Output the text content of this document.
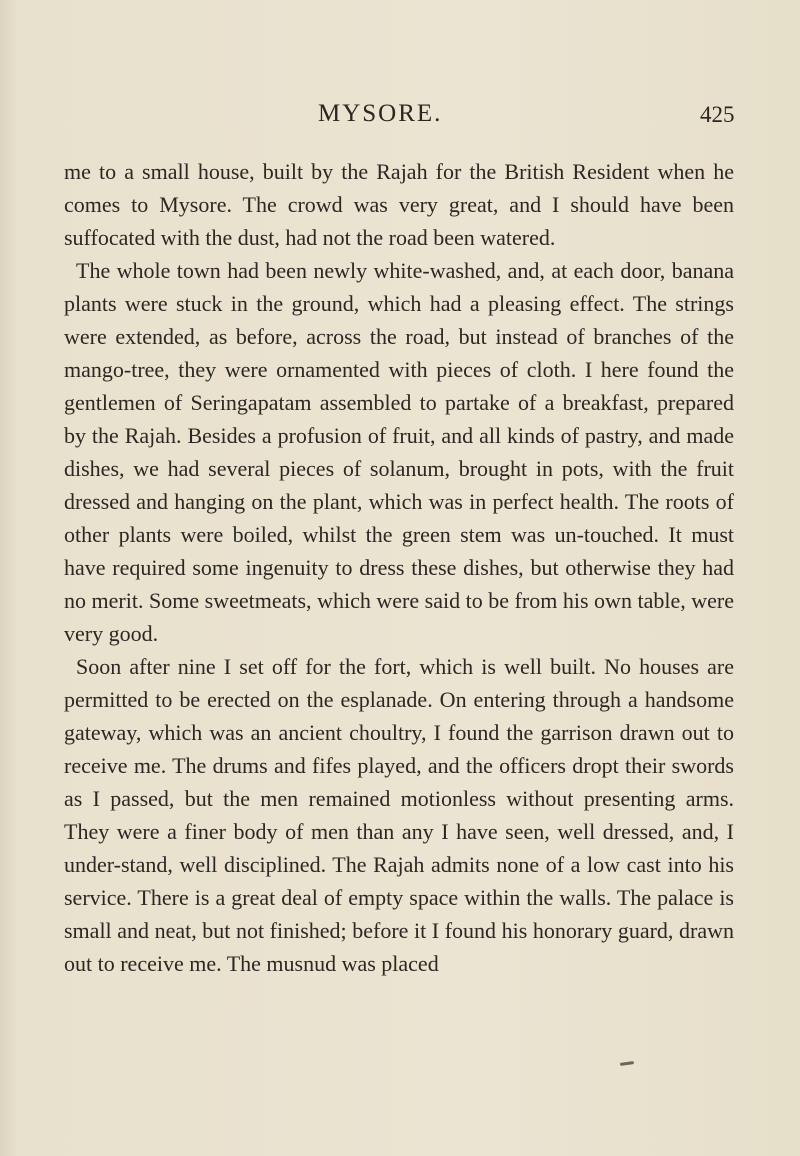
MYSORE.	425

me to a small house, built by the Rajah for the British Resident when he comes to Mysore. The crowd was very great, and I should have been suffocated with the dust, had not the road been watered.

The whole town had been newly white-washed, and, at each door, banana plants were stuck in the ground, which had a pleasing effect. The strings were extended, as before, across the road, but instead of branches of the mango-tree, they were ornamented with pieces of cloth. I here found the gentlemen of Seringapatam assembled to partake of a breakfast, prepared by the Rajah. Besides a profusion of fruit, and all kinds of pastry, and made dishes, we had several pieces of solanum, brought in pots, with the fruit dressed and hanging on the plant, which was in perfect health. The roots of other plants were boiled, whilst the green stem was un-touched. It must have required some ingenuity to dress these dishes, but otherwise they had no merit. Some sweetmeats, which were said to be from his own table, were very good.

Soon after nine I set off for the fort, which is well built. No houses are permitted to be erected on the esplanade. On entering through a handsome gateway, which was an ancient choultry, I found the garrison drawn out to receive me. The drums and fifes played, and the officers dropt their swords as I passed, but the men remained motionless without presenting arms. They were a finer body of men than any I have seen, well dressed, and, I under-stand, well disciplined. The Rajah admits none of a low cast into his service. There is a great deal of empty space within the walls. The palace is small and neat, but not finished; before it I found his honorary guard, drawn out to receive me. The musnud was placed
